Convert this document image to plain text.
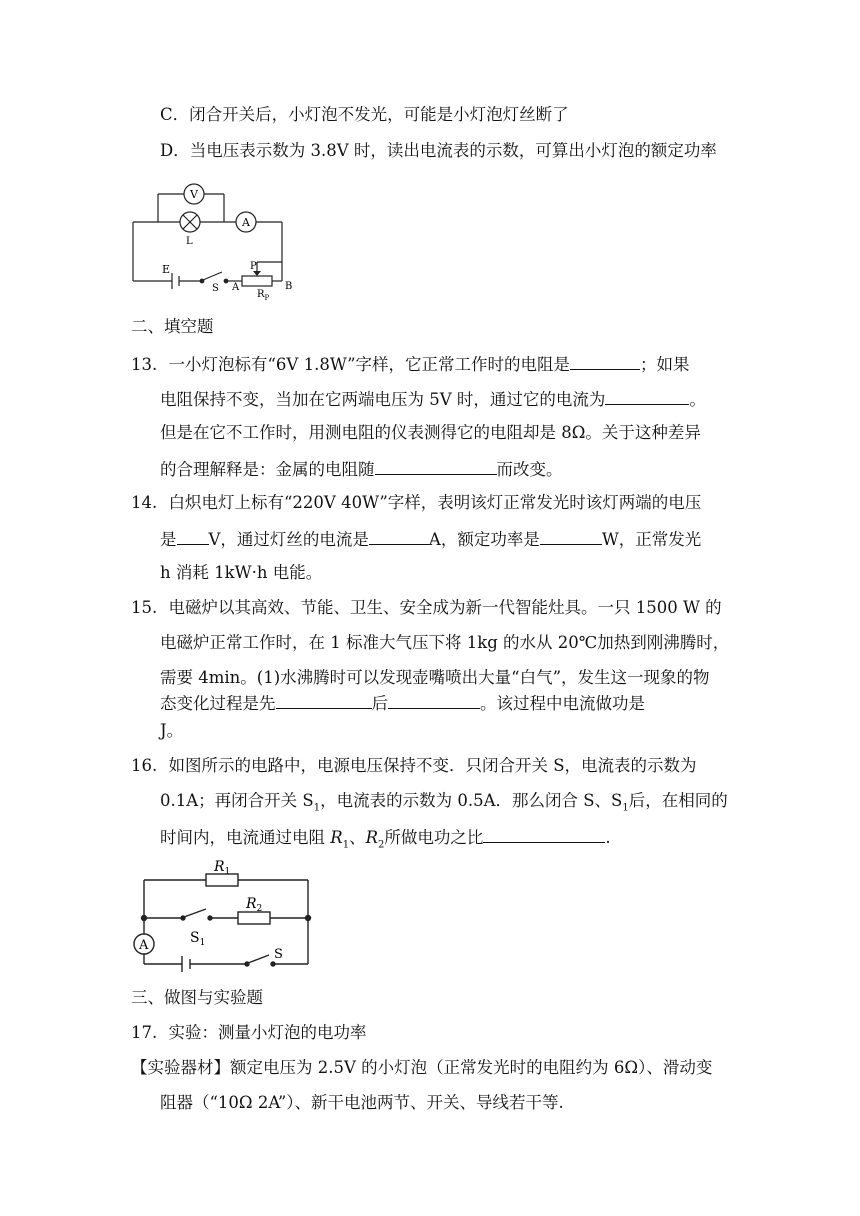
C．闭合开关后，小灯泡不发光，可能是小灯泡灯丝断了
D．当电压表示数为 3.8V 时，读出电流表的示数，可算出小灯泡的额定功率
V
A
L
E
S A
P
B
$R_P$
二、填空题
13. 一小灯泡标有“6V 1.8W”字样，它正常工作时的电阻是	；如果
电阻保持不变，当加在它两端电压为 5V 时，通过它的电流为	。
但是在它不工作时，用测电阻的仪表测得它的电阻却是 8Ω。关于这种差异
的合理解释是：金属的电阻随	而改变。
14. 白炽电灯上标有“220V 40W”字样，表明该灯正常发光时该灯两端的电压
是 V，通过灯丝的电流是	A，额定功率是	W，正常发光
h 消耗 1kW·h 电能。
15. 电磁炉以其高效、节能、卫生、安全成为新一代智能灶具。一只 1500 W 的
电磁炉正常工作时，在 1 标准大气压下将 1kg 的水从 20℃加热到刚沸腾时，
需要 4min。(1)水沸腾时可以发现壶嘴喷出大量“白气”，发生这一现象的物
态变化过程是先	后	。该过程中电流做功是
J。
16. 如图所示的电路中，电源电压保持不变．只闭合开关 S，电流表的示数为
0.1A；再闭合开关 $S_1$，电流表的示数为 0.5A．那么闭合 S、$S_1$后，在相同的
时间内，电流通过电阻 $R_1$、$R_2$所做电功之比	.
$R_1$
$R_2$
A	$S_1$
S
三、做图与实验题
17. 实验：测量小灯泡的电功率
【实验器材】额定电压为 2.5V 的小灯泡（正常发光时的电阻约为 6Ω）、滑动变
阻器（“10Ω 2A”）、新干电池两节、开关、导线若干等.
